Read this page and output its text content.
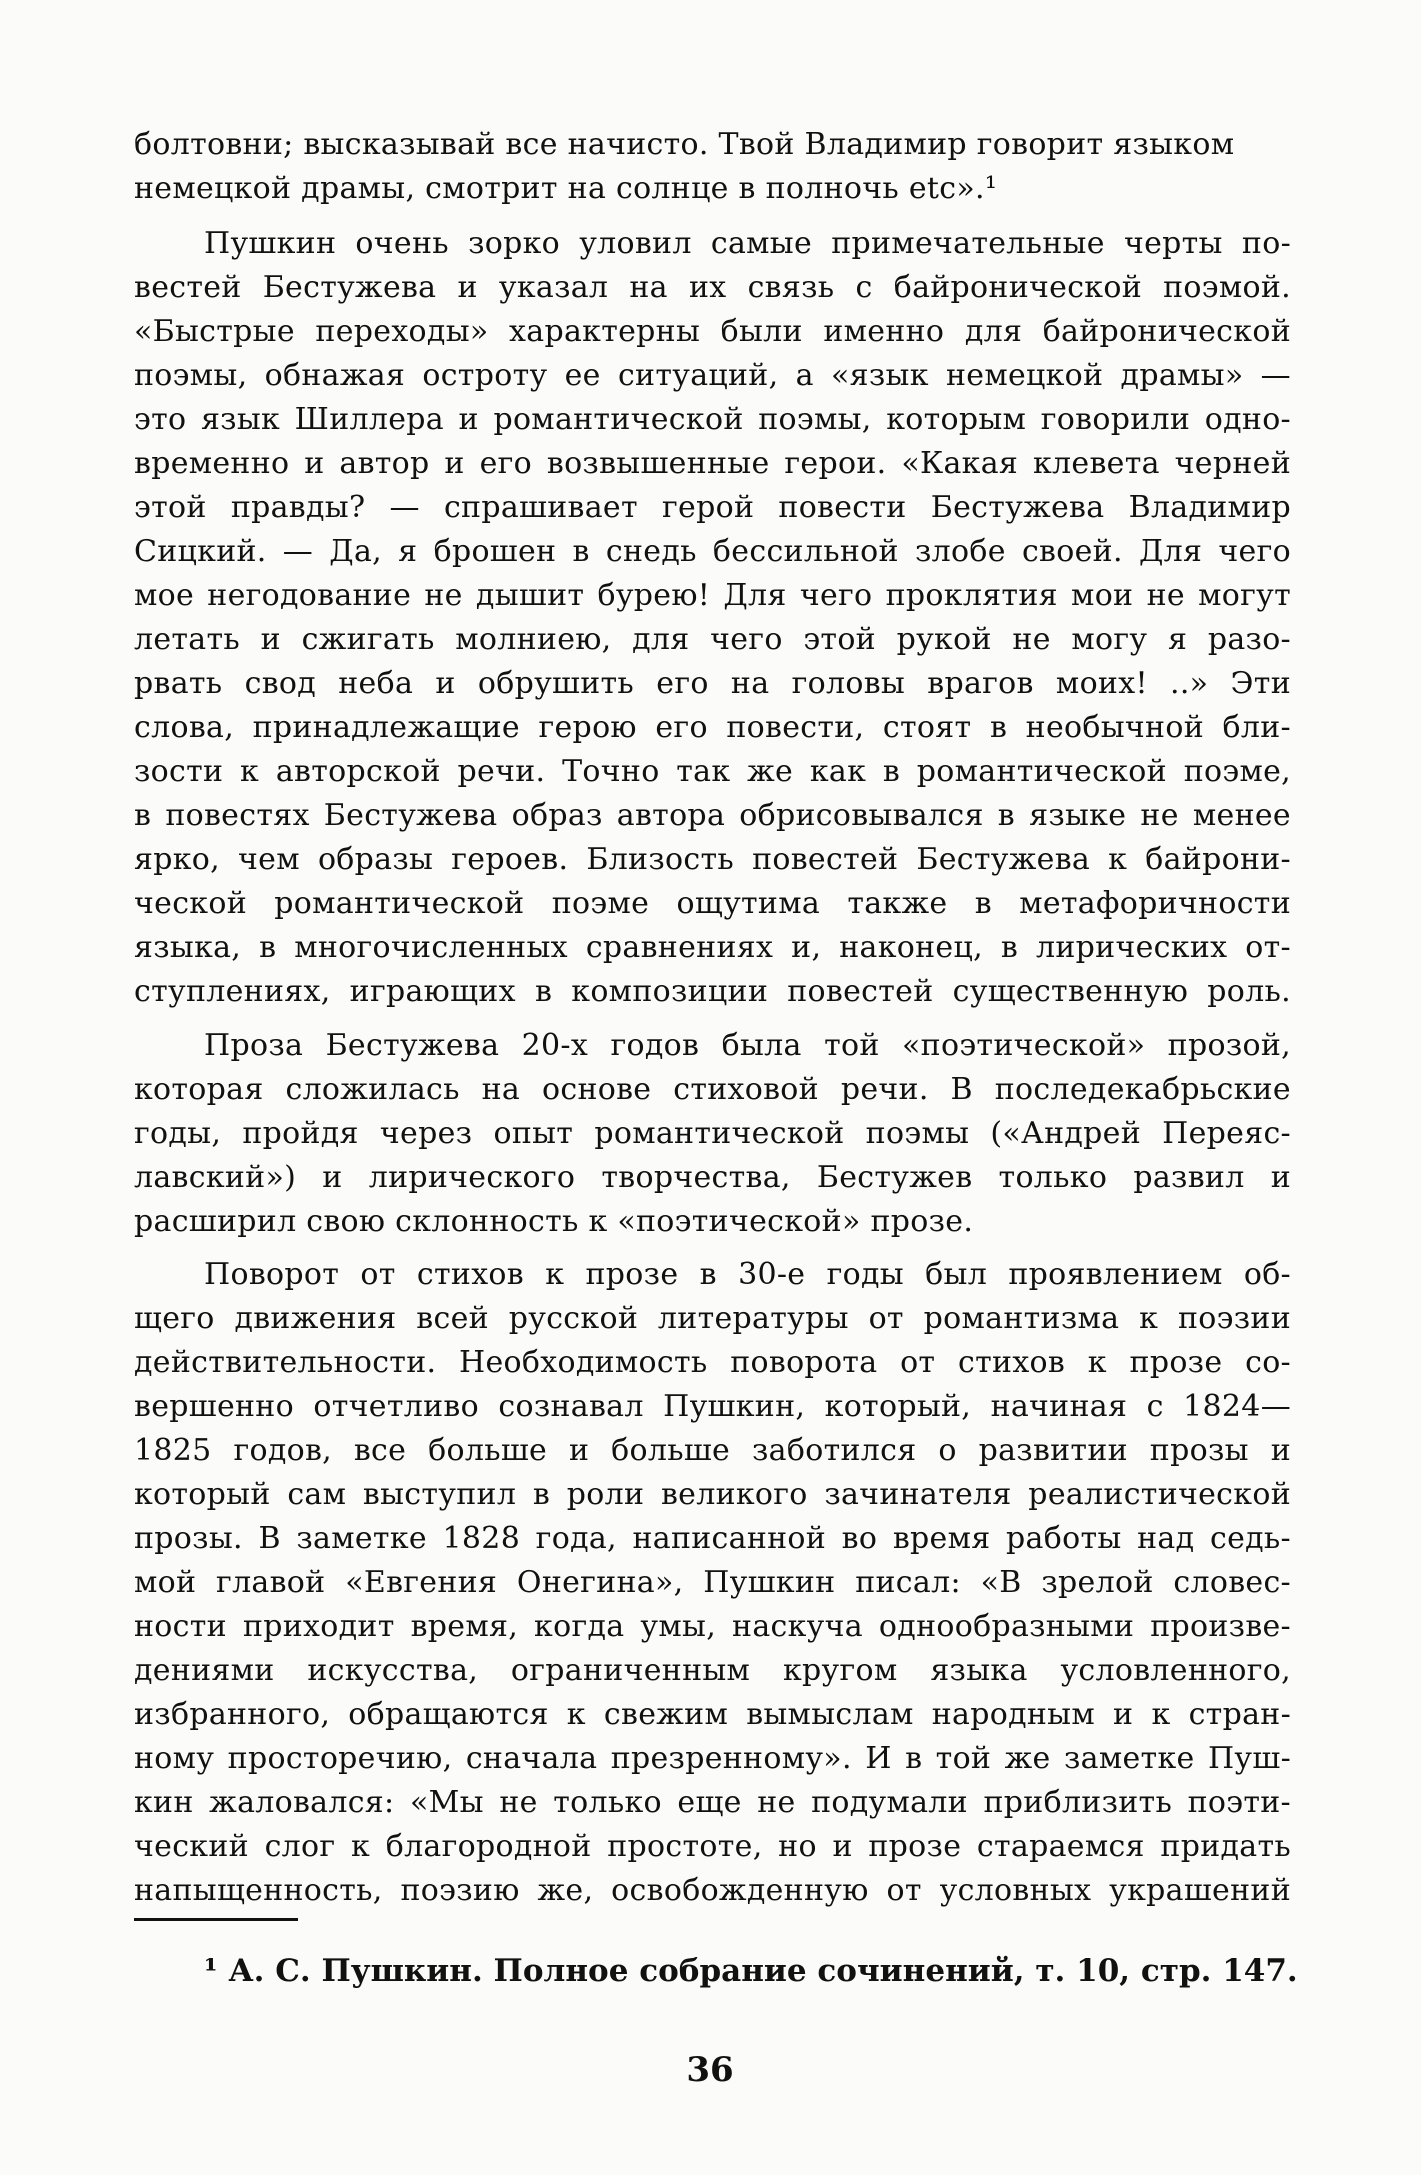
болтовни; высказывай все начисто. Твой Владимир говорит языком
немецкой драмы, смотрит на солнце в полночь etc».¹
Пушкин очень зорко уловил самые примечательные черты по-
вестей Бестужева и указал на их связь с байронической поэмой.
«Быстрые переходы» характерны были именно для байронической
поэмы, обнажая остроту ее ситуаций, а «язык немецкой драмы» —
это язык Шиллера и романтической поэмы, которым говорили одно-
временно и автор и его возвышенные герои. «Какая клевета черней
этой правды? — спрашивает герой повести Бестужева Владимир
Сицкий. — Да, я брошен в снедь бессильной злобе своей. Для чего
мое негодование не дышит бурею! Для чего проклятия мои не могут
летать и сжигать молниею, для чего этой рукой не могу я разо-
рвать свод неба и обрушить его на головы врагов моих! ..» Эти
слова, принадлежащие герою его повести, стоят в необычной бли-
зости к авторской речи. Точно так же как в романтической поэме,
в повестях Бестужева образ автора обрисовывался в языке не менее
ярко, чем образы героев. Близость повестей Бестужева к байрони-
ческой романтической поэме ощутима также в метафоричности
языка, в многочисленных сравнениях и, наконец, в лирических от-
ступлениях, играющих в композиции повестей существенную роль.
Проза Бестужева 20-х годов была той «поэтической» прозой,
которая сложилась на основе стиховой речи. В последекабрьские
годы, пройдя через опыт романтической поэмы («Андрей Переяс-
лавский») и лирического творчества, Бестужев только развил и
расширил свою склонность к «поэтической» прозе.
Поворот от стихов к прозе в 30-е годы был проявлением об-
щего движения всей русской литературы от романтизма к поэзии
действительности. Необходимость поворота от стихов к прозе со-
вершенно отчетливо сознавал Пушкин, который, начиная с 1824—
1825 годов, все больше и больше заботился о развитии прозы и
который сам выступил в роли великого зачинателя реалистической
прозы. В заметке 1828 года, написанной во время работы над седь-
мой главой «Евгения Онегина», Пушкин писал: «В зрелой словес-
ности приходит время, когда умы, наскуча однообразными произве-
дениями искусства, ограниченным кругом языка условленного,
избранного, обращаются к свежим вымыслам народным и к стран-
ному просторечию, сначала презренному». И в той же заметке Пуш-
кин жаловался: «Мы не только еще не подумали приблизить поэти-
ческий слог к благородной простоте, но и прозе стараемся придать
напыщенность, поэзию же, освобожденную от условных украшений
¹ А. С. Пушкин. Полное собрание сочинений, т. 10, стр. 147.
36
